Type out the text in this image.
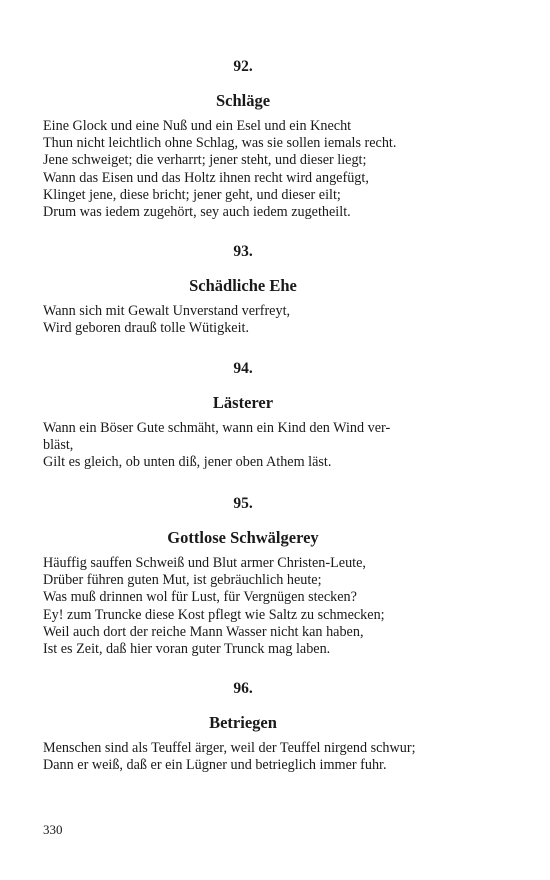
92.

Schläge

Eine Glock und eine Nuß und ein Esel und ein Knecht
Thun nicht leichtlich ohne Schlag, was sie sollen iemals recht.
Jene schweiget; die verharrt; jener steht, und dieser liegt;
Wann das Eisen und das Holtz ihnen recht wird angefügt,
Klinget jene, diese bricht; jener geht, und dieser eilt;
Drum was iedem zugehört, sey auch iedem zugetheilt.

93.

Schädliche Ehe

Wann sich mit Gewalt Unverstand verfreyt,
Wird geboren drauß tolle Wütigkeit.

94.

Lästerer

Wann ein Böser Gute schmäht, wann ein Kind den Wind ver-
bläst,
Gilt es gleich, ob unten diß, jener oben Athem läst.

95.

Gottlose Schwälgerey

Häuffig sauffen Schweiß und Blut armer Christen-Leute,
Drüber führen guten Mut, ist gebräuchlich heute;
Was muß drinnen wol für Lust, für Vergnügen stecken?
Ey! zum Truncke diese Kost pflegt wie Saltz zu schmecken;
Weil auch dort der reiche Mann Wasser nicht kan haben,
Ist es Zeit, daß hier voran guter Trunck mag laben.

96.

Betriegen

Menschen sind als Teuffel ärger, weil der Teuffel nirgend schwur;
Dann er weiß, daß er ein Lügner und betrieglich immer fuhr.
330
